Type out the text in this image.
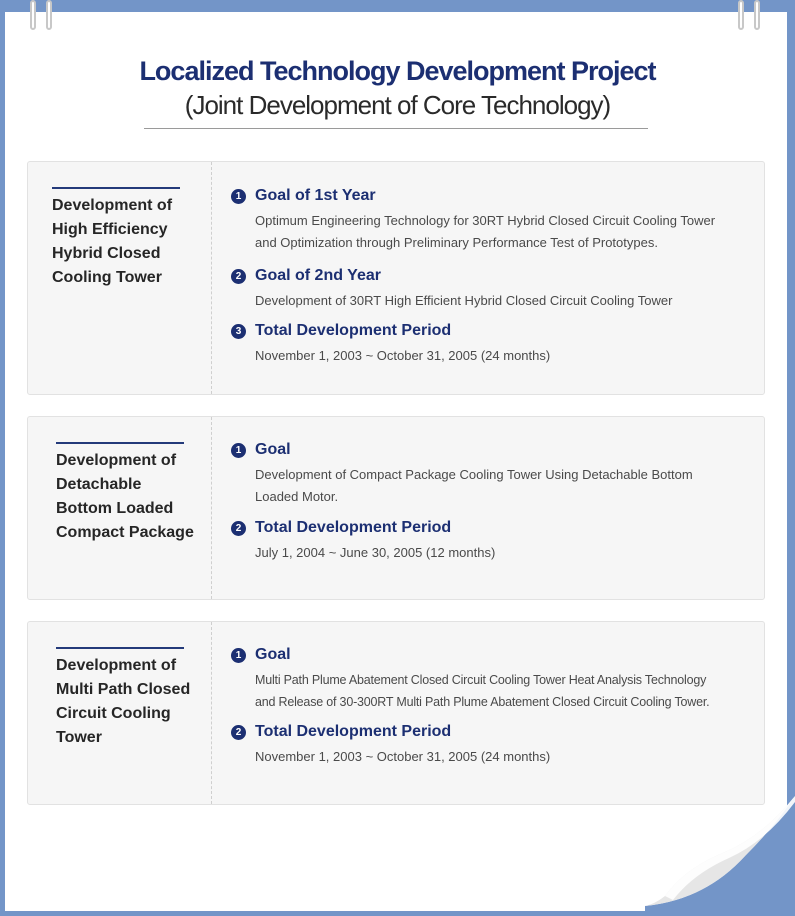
Localized Technology Development Project
(Joint Development of Core Technology)
Development of
High Efficiency
Hybrid Closed
Cooling Tower
1 Goal of 1st Year
Optimum Engineering Technology for 30RT Hybrid Closed Circuit Cooling Tower
and Optimization through Preliminary Performance Test of Prototypes.
2 Goal of 2nd Year
Development of 30RT High Efficient Hybrid Closed Circuit Cooling Tower
3 Total Development Period
November 1, 2003 ~ October 31, 2005 (24 months)
Development of
Detachable
Bottom Loaded
Compact Package
1 Goal
Development of Compact Package Cooling Tower Using Detachable Bottom
Loaded Motor.
2 Total Development Period
July 1, 2004 ~ June 30, 2005 (12 months)
Development of
Multi Path Closed
Circuit Cooling
Tower
1 Goal
Multi Path Plume Abatement Closed Circuit Cooling Tower Heat Analysis Technology
and Release of 30-300RT Multi Path Plume Abatement Closed Circuit Cooling Tower.
2 Total Development Period
November 1, 2003 ~ October 31, 2005 (24 months)
